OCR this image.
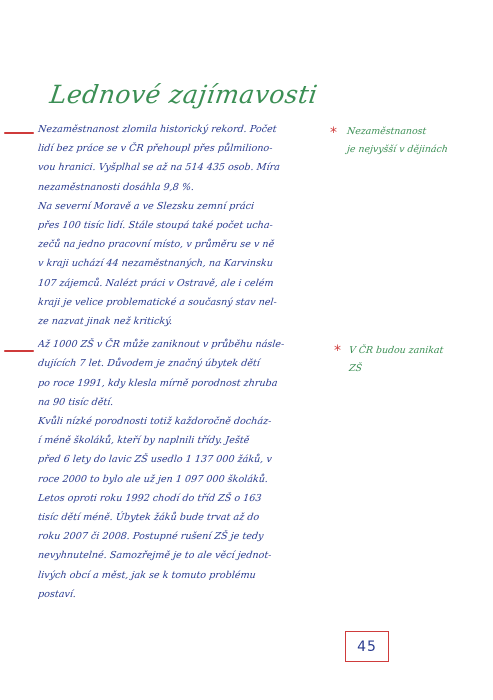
Lednové zajímavosti
*
*
Nezaměstnanost zlomila historický rekord. Počet
lidí bez práce se v ČR přehoupl přes půlmiliono-
vou hranici. Vyšplhal se až na 514 435 osob. Míra
nezaměstnanosti dosáhla 9,8 %.
Na severní Moravě a ve Slezsku zemní práci
přes 100 tisíc lidí. Stále stoupá také počet ucha-
zečů na jedno pracovní místo, v průměru se v ně
v kraji uchází 44 nezaměstnaných, na Karvinsku
107 zájemců. Nalézt práci v Ostravě, ale i celém
kraji je velice problematické a současný stav nel-
ze nazvat jinak než kritický.
Až 1000 ZŠ v ČR může zaniknout v průběhu násle-
dujících 7 let. Důvodem je značný úbytek dětí
po roce 1991, kdy klesla mírně porodnost zhruba
na 90 tisíc dětí.
Kvůli nízké porodnosti totiž každoročně docház-
í méně školáků, kteří by naplnili třídy. Ještě
před 6 lety do lavic ZŠ usedlo 1 137 000 žáků, v
roce 2000 to bylo ale už jen 1 097 000 školáků.
Letos oproti roku 1992 chodí do tříd ZŠ o 163
tisíc dětí méně. Úbytek žáků bude trvat až do
roku 2007 či 2008. Postupné rušení ZŠ je tedy
nevyhnutelné. Samozřejmě je to ale věcí jednot-
livých obcí a měst, jak se k tomuto problému
postaví.
Nezaměstnanost
je nejvyšší v dějinách
V ČR budou zanikat
ZŠ
45
